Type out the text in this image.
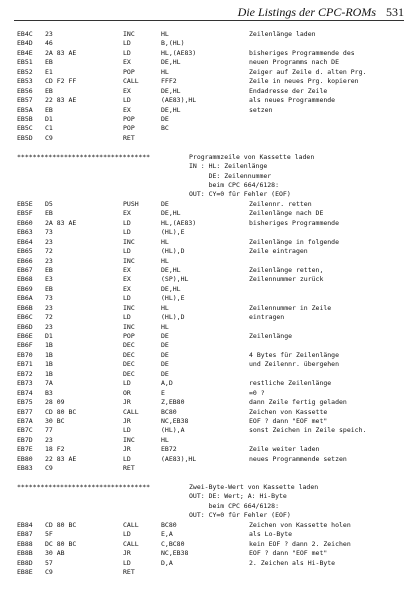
Die Listings der CPC-ROMs 531
EB4C 23	INC	HL	Zeilenlänge laden
EB4D 46	LD	B,(HL)
EB4E 2A 83 AE	LD	HL,(AE83)	bisheriges Programmende des
EB51 EB	EX	DE,HL	neuen Programms nach DE
EB52 E1	POP	HL	Zeiger auf Zeile d. alten Prg.
EB53 CD F2 FF	CALL	FFF2	Zeile in neues Prg. kopieren
EB56 EB	EX	DE,HL	Endadresse der Zeile
EB57 22 83 AE	LD	(AE83),HL	als neues Programmende
EB5A EB	EX	DE,HL	setzen
EB5B D1	POP	DE
EB5C C1	POP	BC
EB5D C9	RET
**********************************	Programmzeile von Kassette laden
IN : HL: Zeilenlänge
DE: Zeilennummer
beim CPC 664/6128:
OUT: CY=0 für Fehler (EOF)
EB5E D5	PUSH	DE	Zeilennr. retten
EB5F EB	EX	DE,HL	Zeilenlänge nach DE
EB60 2A 83 AE	LD	HL,(AE83)	bisheriges Programmende
EB63 73	LD	(HL),E
EB64 23	INC	HL	Zeilenlänge in folgende
EB65 72	LD	(HL),D	Zeile eintragen
EB66 23	INC	HL
EB67 EB	EX	DE,HL	Zeilenlänge retten,
EB68 E3	EX	(SP),HL	Zeilennummer zurück
EB69 EB	EX	DE,HL
EB6A 73	LD	(HL),E
EB6B 23	INC	HL	Zeilennummer in Zeile
EB6C 72	LD	(HL),D	eintragen
EB6D 23	INC	HL
EB6E D1	POP	DE	Zeilenlänge
EB6F 1B	DEC	DE
EB70 1B	DEC	DE	4 Bytes für Zeilenlänge
EB71 1B	DEC	DE	und Zeilennr. übergehen
EB72 1B	DEC	DE
EB73 7A	LD	A,D	restliche Zeilenlänge
EB74 B3	OR	E	=0 ?
EB75 28 09	JR	Z,EB80	dann Zeile fertig geladen
EB77 CD 80 BC	CALL	BC80	Zeichen von Kassette
EB7A 30 BC	JR	NC,EB38	EOF ? dann "EOF met"
EB7C 77	LD	(HL),A	sonst Zeichen in Zeile speich.
EB7D 23	INC	HL
EB7E 18 F2	JR	EB72	Zeile weiter laden
EB80 22 83 AE	LD	(AE83),HL	neues Programmende setzen
EB83 C9	RET
**********************************	Zwei-Byte-Wert von Kassette laden
OUT: DE: Wert; A: Hi-Byte
beim CPC 664/6128:
OUT: CY=0 für Fehler (EOF)
EB84 CD 80 BC	CALL	BC80	Zeichen von Kassette holen
EB87 5F	LD	E,A	als Lo-Byte
EB88 DC 80 BC	CALL	C,BC80	kein EOF ? dann 2. Zeichen
EB8B 30 AB	JR	NC,EB38	EOF ? dann "EOF met"
EB8D 57	LD	D,A	2. Zeichen als Hi-Byte
EB8E C9	RET
